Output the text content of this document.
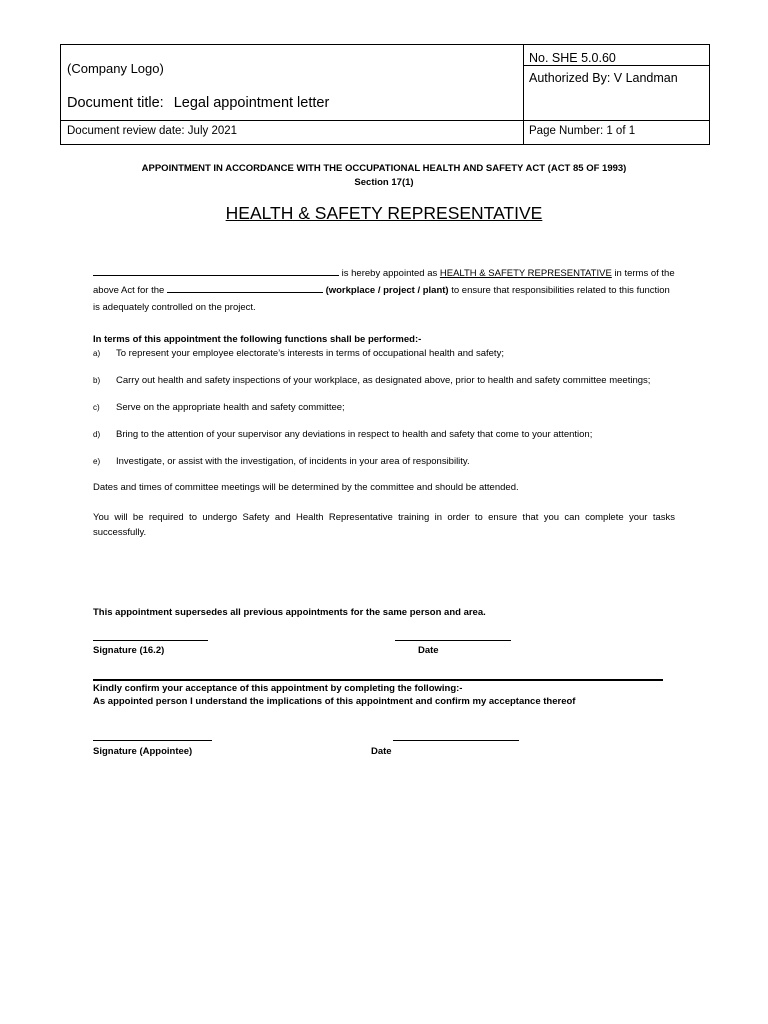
(Company Logo)
Document title: Legal appointment letter
Document review date: July 2021
No. SHE 5.0.60
Authorized By: V Landman
Page Number: 1 of 1
APPOINTMENT IN ACCORDANCE WITH THE OCCUPATIONAL HEALTH AND SAFETY ACT (ACT 85 OF 1993)
Section 17(1)
HEALTH & SAFETY REPRESENTATIVE
is hereby appointed as HEALTH & SAFETY REPRESENTATIVE in terms of the above Act for the	(workplace / project / plant) to ensure that responsibilities related to this function is adequately controlled on the project.
In terms of this appointment the following functions shall be performed:-
a) To represent your employee electorate’s interests in terms of occupational health and safety;
b) Carry out health and safety inspections of your workplace, as designated above, prior to health and safety committee meetings;
c) Serve on the appropriate health and safety committee;
d) Bring to the attention of your supervisor any deviations in respect to health and safety that come to your attention;
e) Investigate, or assist with the investigation, of incidents in your area of responsibility.
Dates and times of committee meetings will be determined by the committee and should be attended.
You will be required to undergo Safety and Health Representative training in order to ensure that you can complete your tasks successfully.
This appointment supersedes all previous appointments for the same person and area.
Signature (16.2)	Date
Kindly confirm your acceptance of this appointment by completing the following:-
As appointed person I understand the implications of this appointment and confirm my acceptance thereof
Signature (Appointee)	Date
